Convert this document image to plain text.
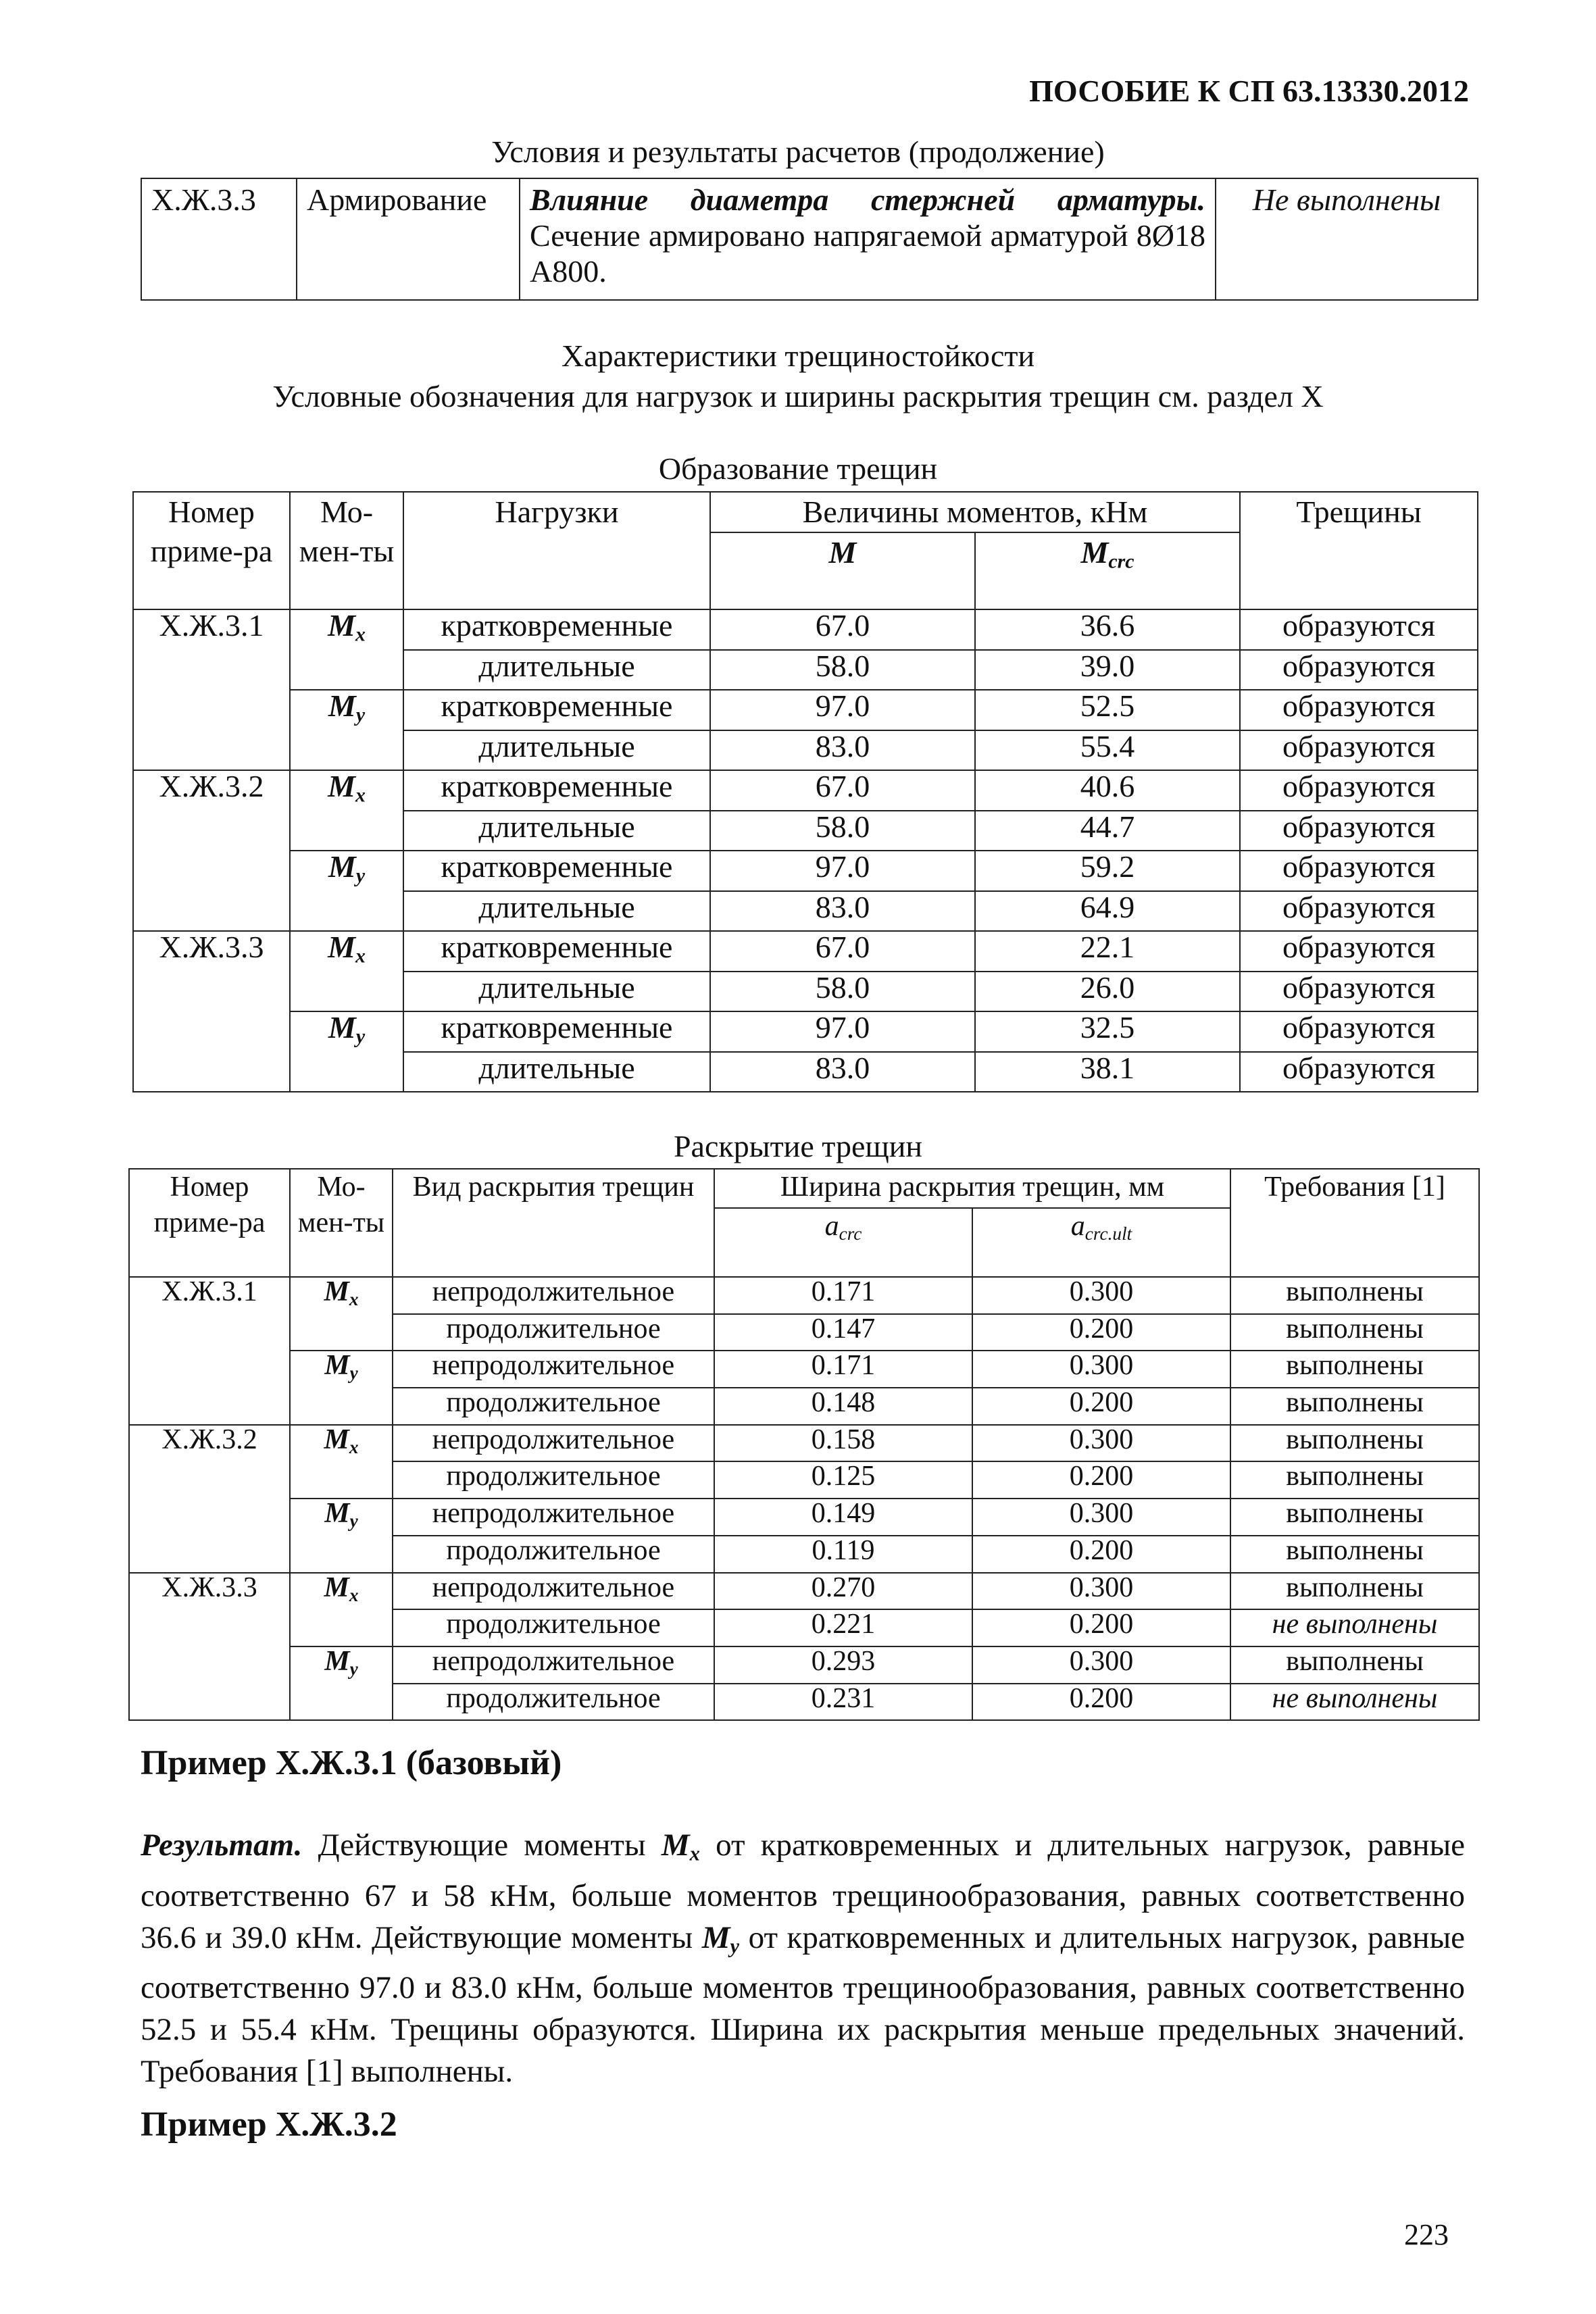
ПОСОБИЕ К СП 63.13330.2012
Условия и результаты расчетов (продолжение)
Х.Ж.3.3	Армирование	Влияние диаметра стержней арматуры. Сечение армировано напрягаемой арматурой 8Ø18 А800.	Не выполнены
Характеристики трещиностойкости
Условные обозначения для нагрузок и ширины раскрытия трещин см. раздел Х
Образование трещин
Номер приме-ра	Мо-мен-ты	Нагрузки	Величины моментов, кНм		Трещины
			M	$M_{crc}$
Х.Ж.3.1	$M_x$	кратковременные	67.0	36.6	образуются
		длительные	58.0	39.0	образуются
	$M_y$	кратковременные	97.0	52.5	образуются
		длительные	83.0	55.4	образуются
Х.Ж.3.2	$M_x$	кратковременные	67.0	40.6	образуются
		длительные	58.0	44.7	образуются
	$M_y$	кратковременные	97.0	59.2	образуются
		длительные	83.0	64.9	образуются
Х.Ж.3.3	$M_x$	кратковременные	67.0	22.1	образуются
		длительные	58.0	26.0	образуются
	$M_y$	кратковременные	97.0	32.5	образуются
		длительные	83.0	38.1	образуются
Раскрытие трещин
Номер приме-ра	Мо-мен-ты	Вид раскрытия трещин	Ширина раскрытия трещин, мм		Требования [1]
			$a_{crc}$	$a_{crc.ult}$
Х.Ж.3.1	$M_x$	непродолжительное	0.171	0.300	выполнены
		продолжительное	0.147	0.200	выполнены
	$M_y$	непродолжительное	0.171	0.300	выполнены
		продолжительное	0.148	0.200	выполнены
Х.Ж.3.2	$M_x$	непродолжительное	0.158	0.300	выполнены
		продолжительное	0.125	0.200	выполнены
	$M_y$	непродолжительное	0.149	0.300	выполнены
		продолжительное	0.119	0.200	выполнены
Х.Ж.3.3	$M_x$	непродолжительное	0.270	0.300	выполнены
		продолжительное	0.221	0.200	не выполнены
	$M_y$	непродолжительное	0.293	0.300	выполнены
		продолжительное	0.231	0.200	не выполнены
Пример Х.Ж.3.1 (базовый)
Результат. Действующие моменты $M_x$ от кратковременных и длительных нагрузок, равные соответственно 67 и 58 кНм, больше моментов трещинообразования, равных соответственно 36.6 и 39.0 кНм. Действующие моменты $M_y$ от кратковременных и длительных нагрузок, равные соответственно 97.0 и 83.0 кНм, больше моментов трещинообразования, равных соответственно 52.5 и 55.4 кНм. Трещины образуются. Ширина их раскрытия меньше предельных значений. Требования [1] выполнены.
Пример Х.Ж.3.2
223
